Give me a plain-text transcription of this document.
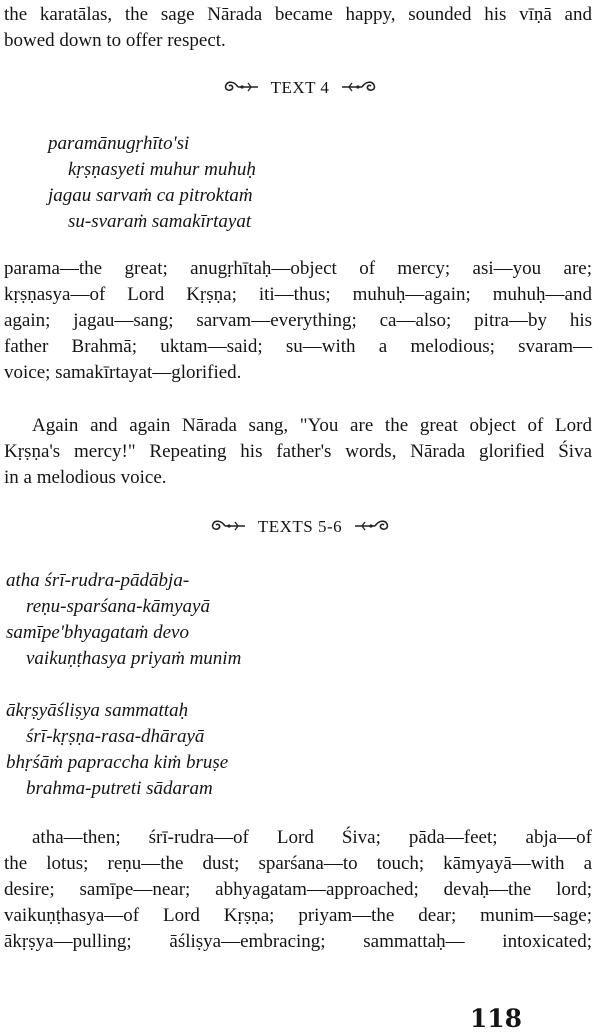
the karatālas, the sage Nārada became happy, sounded his vīṇā and
bowed down to offer respect.
TEXT 4
paramānugṛhīto'si
kṛṣṇasyeti muhur muhuḥ
jagau sarvaṁ ca pitroktaṁ
su-svaraṁ samakīrtayat
parama—the great; anugṛhītaḥ—object of mercy; asi—you are;
kṛṣṇasya—of Lord Kṛṣṇa; iti—thus; muhuḥ—again; muhuḥ—and
again; jagau—sang; sarvam—everything; ca—also; pitra—by his
father Brahmā; uktam—said; su—with a melodious; svaram—
voice; samakīrtayat—glorified.
Again and again Nārada sang, "You are the great object of Lord
Kṛṣṇa's mercy!" Repeating his father's words, Nārada glorified Śiva
in a melodious voice.
TEXTS 5-6
atha śrī-rudra-pādābja-
reṇu-sparśana-kāmyayā
samīpe'bhyagataṁ devo
vaikuṇṭhasya priyaṁ munim
ākṛṣyāśliṣya sammattaḥ
śrī-kṛṣṇa-rasa-dhārayā
bhṛśāṁ papraccha kiṁ bruṣe
brahma-putreti sādaram
atha—then; śrī-rudra—of Lord Śiva; pāda—feet; abja—of
the lotus; reṇu—the dust; sparśana—to touch; kāmyayā—with a
desire; samīpe—near; abhyagatam—approached; devaḥ—the lord;
vaikuṇṭhasya—of Lord Kṛṣṇa; priyam—the dear; munim—sage;
ākṛṣya—pulling; āśliṣya—embracing; sammattaḥ— intoxicated;
118
